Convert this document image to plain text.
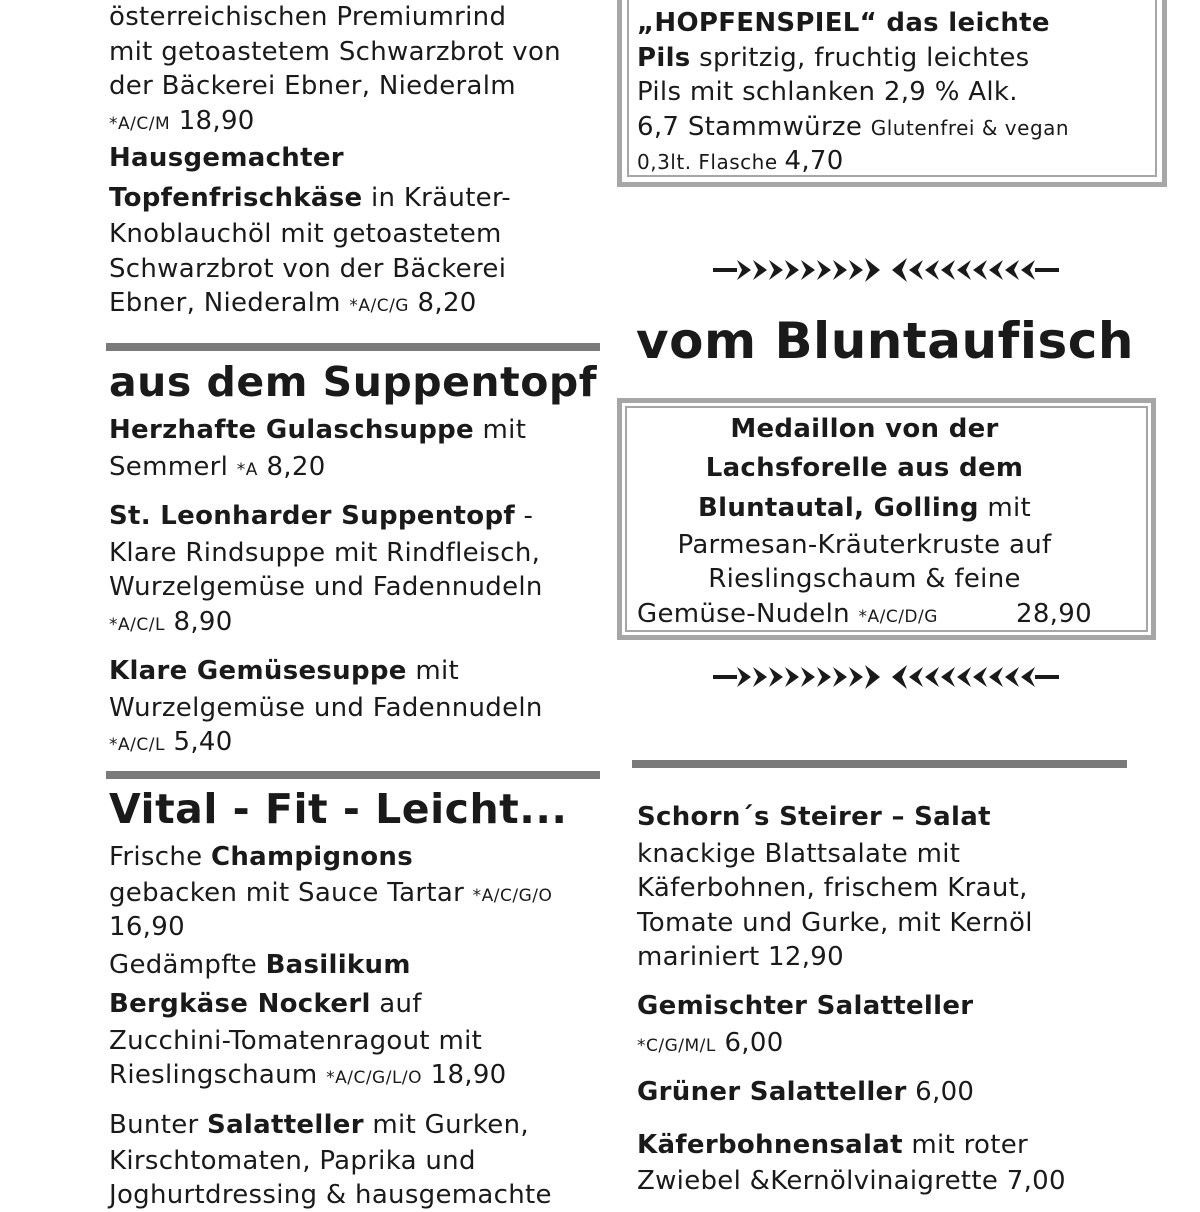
österreichischen Premiumrind
mit getoastetem Schwarzbrot von
der Bäckerei Ebner, Niederalm
*A/C/M 18,90
Hausgemachter
Topfenfrischkäse in Kräuter-
Knoblauchöl mit getoastetem
Schwarzbrot von der Bäckerei
Ebner, Niederalm *A/C/G 8,20
aus dem Suppentopf
Herzhafte Gulaschsuppe mit
Semmerl *A 8,20
St. Leonharder Suppentopf -
Klare Rindsuppe mit Rindfleisch,
Wurzelgemüse und Fadennudeln
*A/C/L 8,90
Klare Gemüsesuppe mit
Wurzelgemüse und Fadennudeln
*A/C/L 5,40
Vital - Fit - Leicht...
Frische Champignons
gebacken mit Sauce Tartar *A/C/G/O
16,90
Gedämpfte Basilikum
Bergkäse Nockerl auf
Zucchini-Tomatenragout mit
Rieslingschaum *A/C/G/L/O 18,90
Bunter Salatteller mit Gurken,
Kirschtomaten, Paprika und
Joghurtdressing & hausgemachte
„HOPFENSPIEL“ das leichte
Pils spritzig, fruchtig leichtes
Pils mit schlanken 2,9 % Alk.
6,7 Stammwürze Glutenfrei & vegan
0,3lt. Flasche 4,70
vom Bluntaufisch
Medaillon von der
Lachsforelle aus dem
Bluntautal, Golling mit
Parmesan-Kräuterkruste auf
Rieslingschaum & feine
Gemüse-Nudeln *A/C/D/G	28,90
Schorn´s Steirer – Salat
knackige Blattsalate mit
Käferbohnen, frischem Kraut,
Tomate und Gurke, mit Kernöl
mariniert 12,90
Gemischter Salatteller
*C/G/M/L 6,00
Grüner Salatteller 6,00
Käferbohnensalat mit roter
Zwiebel &Kernölvinaigrette 7,00
